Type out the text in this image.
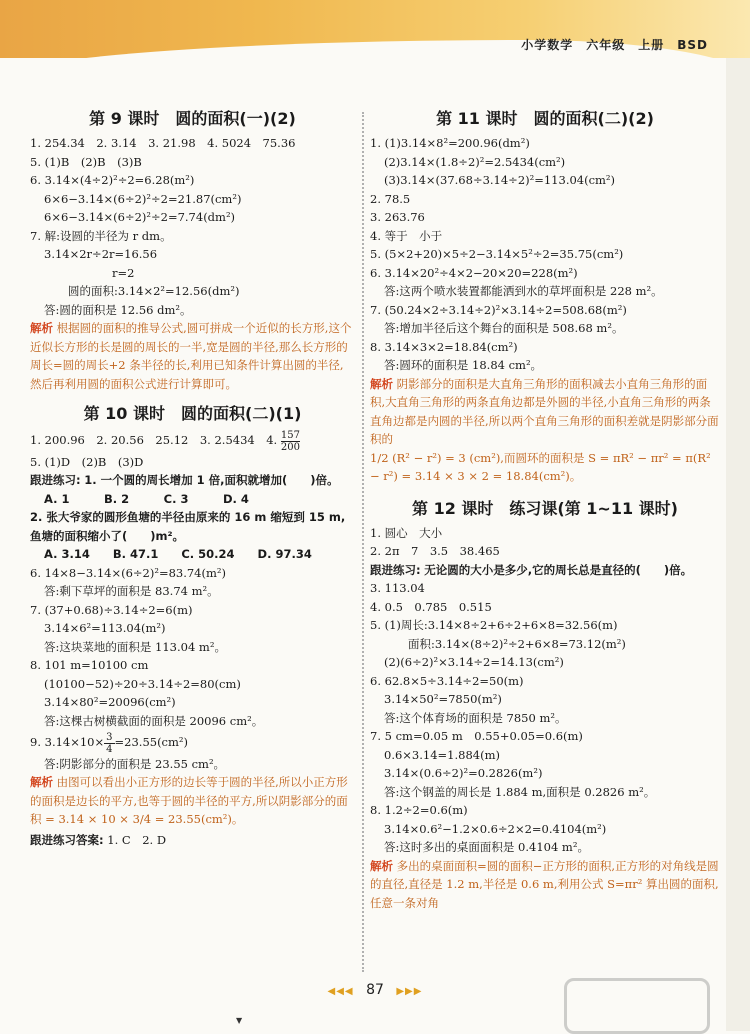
小学数学　六年级　上册　BSD
第 9 课时　圆的面积(一)(2)
1. 254.34　2. 3.14　3. 21.98　4. 5024　75.36
5. (1)B　(2)B　(3)B
6. 3.14×(4÷2)²÷2=6.28(m²)
6×6−3.14×(6÷2)²÷2=21.87(cm²)
6×6−3.14×(6÷2)²÷2=7.74(dm²)
7. 解:设圆的半径为 r dm。
3.14×2r÷2r=16.56
r=2
圆的面积:3.14×2²=12.56(dm²)
答:圆的面积是 12.56 dm²。
解析 根据圆的面积的推导公式,圆可拼成一个近似的长方形,这个近似长方形的长是圆的周长的一半,宽是圆的半径,那么长方形的周长=圆的周长+2 条半径的长,利用已知条件计算出圆的半径,然后再利用圆的面积公式进行计算即可。
第 10 课时　圆的面积(二)(1)
1. 200.96　2. 20.56　25.12　3. 2.5434　4. $\frac{157}{200}$
5. (1)D　(2)B　(3)D
跟进练习: 1. 一个圆的周长增加 1 倍,面积就增加(　　)倍。
A. 1　　　B. 2　　　C. 3　　　D. 4
2. 张大爷家的圆形鱼塘的半径由原来的 16 m 缩短到 15 m,鱼塘的面积缩小了(　　)m²。
A. 3.14　　B. 47.1　　C. 50.24　　D. 97.34
6. 14×8−3.14×(6÷2)²=83.74(m²)
答:剩下草坪的面积是 83.74 m²。
7. (37+0.68)÷3.14÷2=6(m)
3.14×6²=113.04(m²)
答:这块菜地的面积是 113.04 m²。
8. 101 m=10100 cm
(10100−52)÷20÷3.14÷2=80(cm)
3.14×80²=20096(cm²)
答:这棵古树横截面的面积是 20096 cm²。
9. $3.14\times 10\times \frac{3}{4} =23.55(cm^2)$
答:阴影部分的面积是 23.55 cm²。
解析 由图可以看出小正方形的边长等于圆的半径,所以小正方形的面积是边长的平方,也等于圆的半径的平方,所以阴影部分的面积 = 3.14 × 10 × 3/4 = 23.55(cm²)。
跟进练习答案: 1. C　2. D
第 11 课时　圆的面积(二)(2)
1. (1)3.14×8²=200.96(dm²)
(2)3.14×(1.8÷2)²=2.5434(cm²)
(3)3.14×(37.68÷3.14÷2)²=113.04(cm²)
2. 78.5
3. 263.76
4. 等于　小于
5. (5×2+20)×5÷2−3.14×5²÷2=35.75(cm²)
6. 3.14×20²÷4×2−20×20=228(m²)
答:这两个喷水装置都能洒到水的草坪面积是 228 m²。
7. (50.24×2÷3.14÷2)²×3.14÷2=508.68(m²)
答:增加半径后这个舞台的面积是 508.68 m²。
8. 3.14×3×2=18.84(cm²)
答:圆环的面积是 18.84 cm²。
解析 阴影部分的面积是大直角三角形的面积减去小直角三角形的面积,大直角三角形的两条直角边都是外圆的半径,小直角三角形的两条直角边都是内圆的半径,所以两个直角三角形的面积差就是阴影部分面积的
1/2 (R² − r²) = 3 (cm²),而圆环的面积是 S = πR² − πr² = π(R² − r²) = 3.14 × 3 × 2 = 18.84(cm²)。
第 12 课时　练习课(第 1~11 课时)
1. 圆心　大小
2. 2π　7　3.5　38.465
跟进练习: 无论圆的大小是多少,它的周长总是直径的(　　)倍。
3. 113.04
4. 0.5　0.785　0.515
5. (1)周长:3.14×8÷2+6÷2+6×8=32.56(m)
面积:3.14×(8÷2)²÷2+6×8=73.12(m²)
(2)(6÷2)²×3.14÷2=14.13(cm²)
6. 62.8×5÷3.14÷2=50(m)
3.14×50²=7850(m²)
答:这个体育场的面积是 7850 m²。
7. 5 cm=0.05 m　0.55+0.05=0.6(m)
0.6×3.14=1.884(m)
3.14×(0.6÷2)²=0.2826(m²)
答:这个钢盖的周长是 1.884 m,面积是 0.2826 m²。
8. 1.2÷2=0.6(m)
3.14×0.6²−1.2×0.6÷2×2=0.4104(m²)
答:这时多出的桌面面积是 0.4104 m²。
解析 多出的桌面面积=圆的面积−正方形的面积,正方形的对角线是圆的直径,直径是 1.2 m,半径是 0.6 m,利用公式 S=πr² 算出圆的面积,任意一条对角
◀◀◀ 87 ▶▶▶
▼
